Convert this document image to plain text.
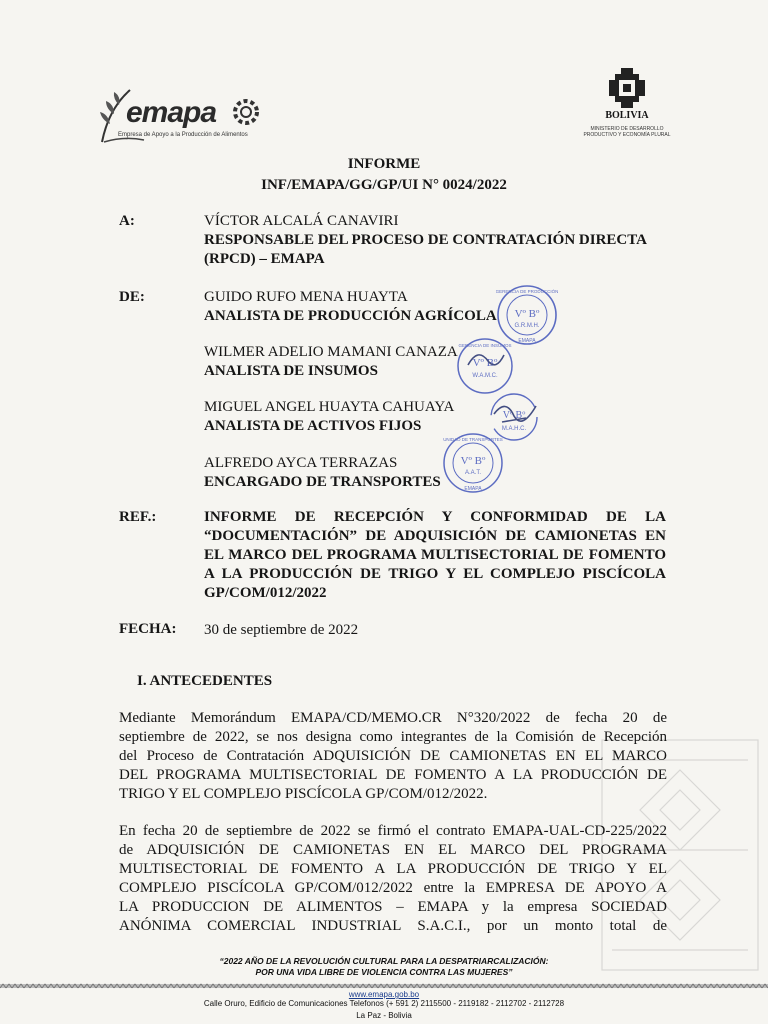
emapa
Empresa de Apoyo a la Producción de Alimentos
BOLIVIA
MINISTERIO DE DESARROLLO PRODUCTIVO Y ECONOMÍA PLURAL
INFORME
INF/EMAPA/GG/GP/UI N° 0024/2022
A:	VÍCTOR ALCALÁ CANAVIRI
RESPONSABLE DEL PROCESO DE CONTRATACIÓN DIRECTA
(RPCD) – EMAPA
DE:	GUIDO RUFO MENA HUAYTA
ANALISTA DE PRODUCCIÓN AGRÍCOLA
WILMER ADELIO MAMANI CANAZA
ANALISTA DE INSUMOS
MIGUEL ANGEL HUAYTA CAHUAYA
ANALISTA DE ACTIVOS FIJOS
ALFREDO AYCA TERRAZAS
ENCARGADO DE TRANSPORTES
Vº Bº
G.R.M.H.
GERENCIA DE PRODUCCIÓN
EMAPA
Vº Bº
W.A.M.C.
GERENCIA DE INSUMOS
Vº Bº
M.A.H.C.
Vº Bº
A.A.T.
UNIDAD DE TRANSPORTES
EMAPA
REF.:	INFORME DE RECEPCIÓN Y CONFORMIDAD DE LA
“DOCUMENTACIÓN” DE ADQUISICIÓN DE CAMIONETAS EN
EL MARCO DEL PROGRAMA MULTISECTORIAL DE FOMENTO
A LA PRODUCCIÓN DE TRIGO Y EL COMPLEJO PISCÍCOLA
GP/COM/012/2022
FECHA: 30 de septiembre de 2022
I. ANTECEDENTES
Mediante Memorándum EMAPA/CD/MEMO.CR N°320/2022 de fecha 20 de
septiembre de 2022, se nos designa como integrantes de la Comisión de Recepción
del Proceso de Contratación ADQUISICIÓN DE CAMIONETAS EN EL MARCO
DEL PROGRAMA MULTISECTORIAL DE FOMENTO A LA PRODUCCIÓN DE
TRIGO Y EL COMPLEJO PISCÍCOLA GP/COM/012/2022.
En fecha 20 de septiembre de 2022 se firmó el contrato EMAPA-UAL-CD-225/2022
de ADQUISICIÓN DE CAMIONETAS EN EL MARCO DEL PROGRAMA
MULTISECTORIAL DE FOMENTO A LA PRODUCCIÓN DE TRIGO Y EL
COMPLEJO PISCÍCOLA GP/COM/012/2022 entre la EMPRESA DE APOYO A
LA PRODUCCION DE ALIMENTOS – EMAPA y la empresa SOCIEDAD
ANÓNIMA COMERCIAL INDUSTRIAL S.A.C.I., por un monto total de
“2022 AÑO DE LA REVOLUCIÓN CULTURAL PARA LA DESPATRIARCALIZACIÓN:
POR UNA VIDA LIBRE DE VIOLENCIA CONTRA LAS MUJERES”
www.emapa.gob.bo
Calle Oruro, Edificio de Comunicaciones Telefonos (+ 591 2) 2115500 - 2119182 - 2112702 - 2112728
La Paz - Bolivia
